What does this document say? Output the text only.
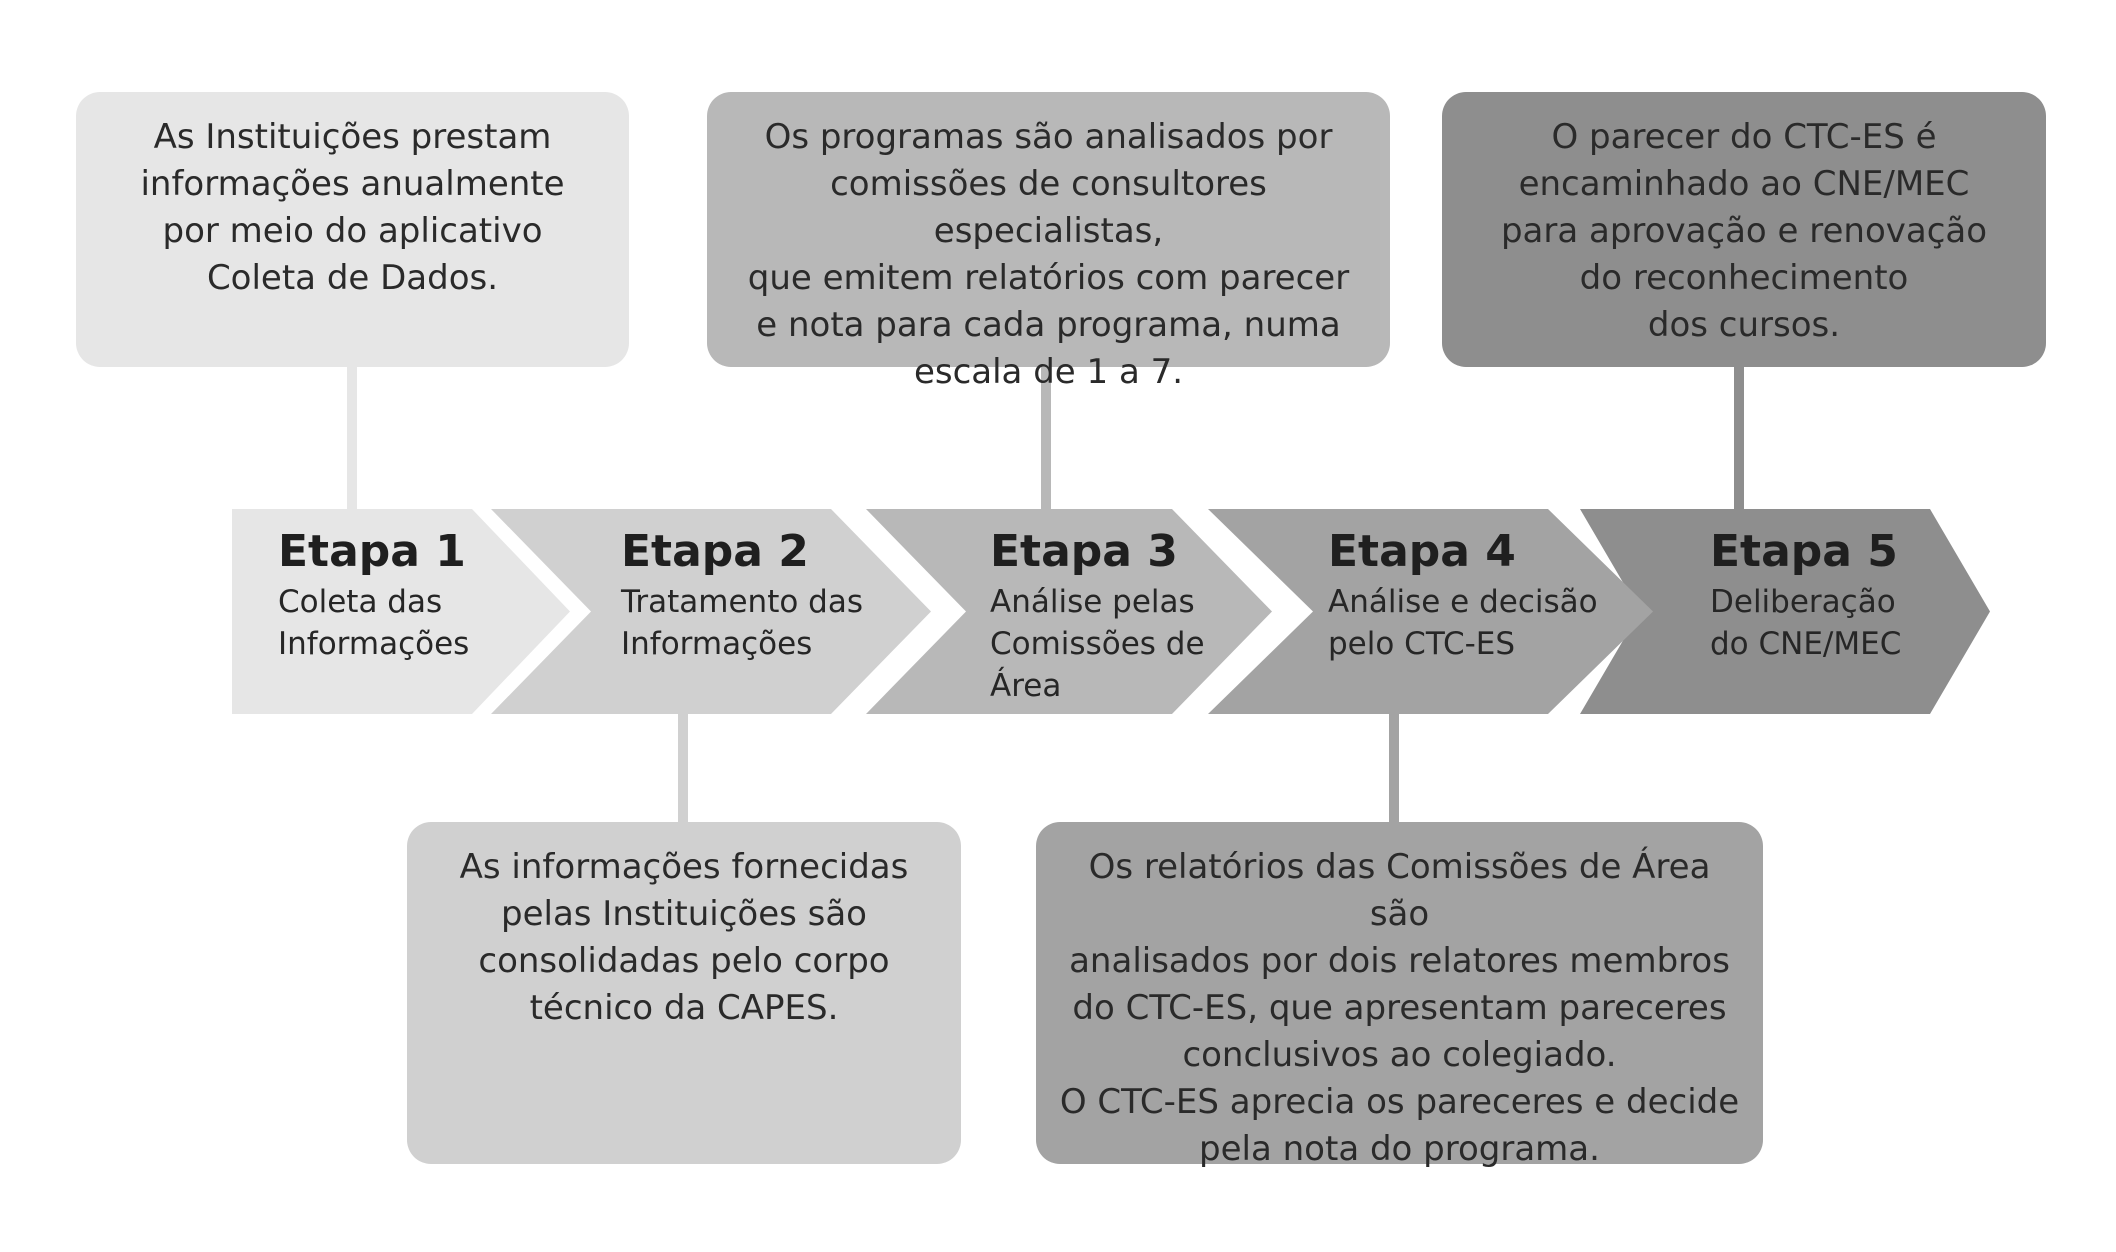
As Instituições prestam
informações anualmente
por meio do aplicativo
Coleta de Dados.
Os programas são analisados por
comissões de consultores especialistas,
que emitem relatórios com parecer
e nota para cada programa, numa
escala de 1 a 7.
O parecer do CTC-ES é
encaminhado ao CNE/MEC
para aprovação e renovação
do reconhecimento
dos cursos.
As informações fornecidas
pelas Instituições são
consolidadas pelo corpo
técnico da CAPES.
Os relatórios das Comissões de Área são
analisados por dois relatores membros
do CTC-ES, que apresentam pareceres
conclusivos ao colegiado.
O CTC-ES aprecia os pareceres e decide
pela nota do programa.
Etapa 5
Deliberação
do CNE/MEC
Etapa 4
Análise e decisão
pelo CTC-ES
Etapa 3
Análise pelas
Comissões de
Área
Etapa 2
Tratamento das
Informações
Etapa 1
Coleta das
Informações
